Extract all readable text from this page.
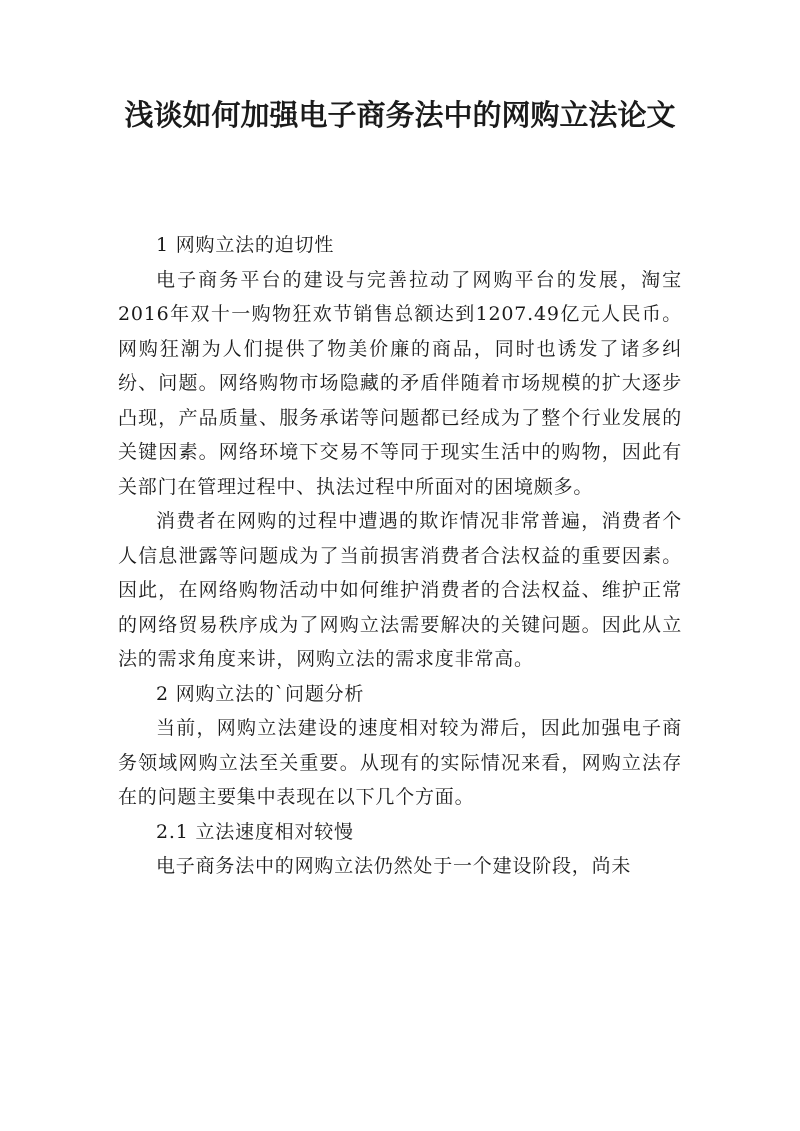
浅谈如何加强电子商务法中的网购立法论文

1 网购立法的迫切性

电子商务平台的建设与完善拉动了网购平台的发展，淘宝2016年双十一购物狂欢节销售总额达到1207.49亿元人民币。网购狂潮为人们提供了物美价廉的商品，同时也诱发了诸多纠纷、问题。网络购物市场隐藏的矛盾伴随着市场规模的扩大逐步凸现，产品质量、服务承诺等问题都已经成为了整个行业发展的关键因素。网络环境下交易不等同于现实生活中的购物，因此有关部门在管理过程中、执法过程中所面对的困境颇多。

消费者在网购的过程中遭遇的欺诈情况非常普遍，消费者个人信息泄露等问题成为了当前损害消费者合法权益的重要因素。因此，在网络购物活动中如何维护消费者的合法权益、维护正常的网络贸易秩序成为了网购立法需要解决的关键问题。因此从立法的需求角度来讲，网购立法的需求度非常高。

2 网购立法的`问题分析

当前，网购立法建设的速度相对较为滞后，因此加强电子商务领域网购立法至关重要。从现有的实际情况来看，网购立法存在的问题主要集中表现在以下几个方面。

2.1 立法速度相对较慢

电子商务法中的网购立法仍然处于一个建设阶段，尚未
